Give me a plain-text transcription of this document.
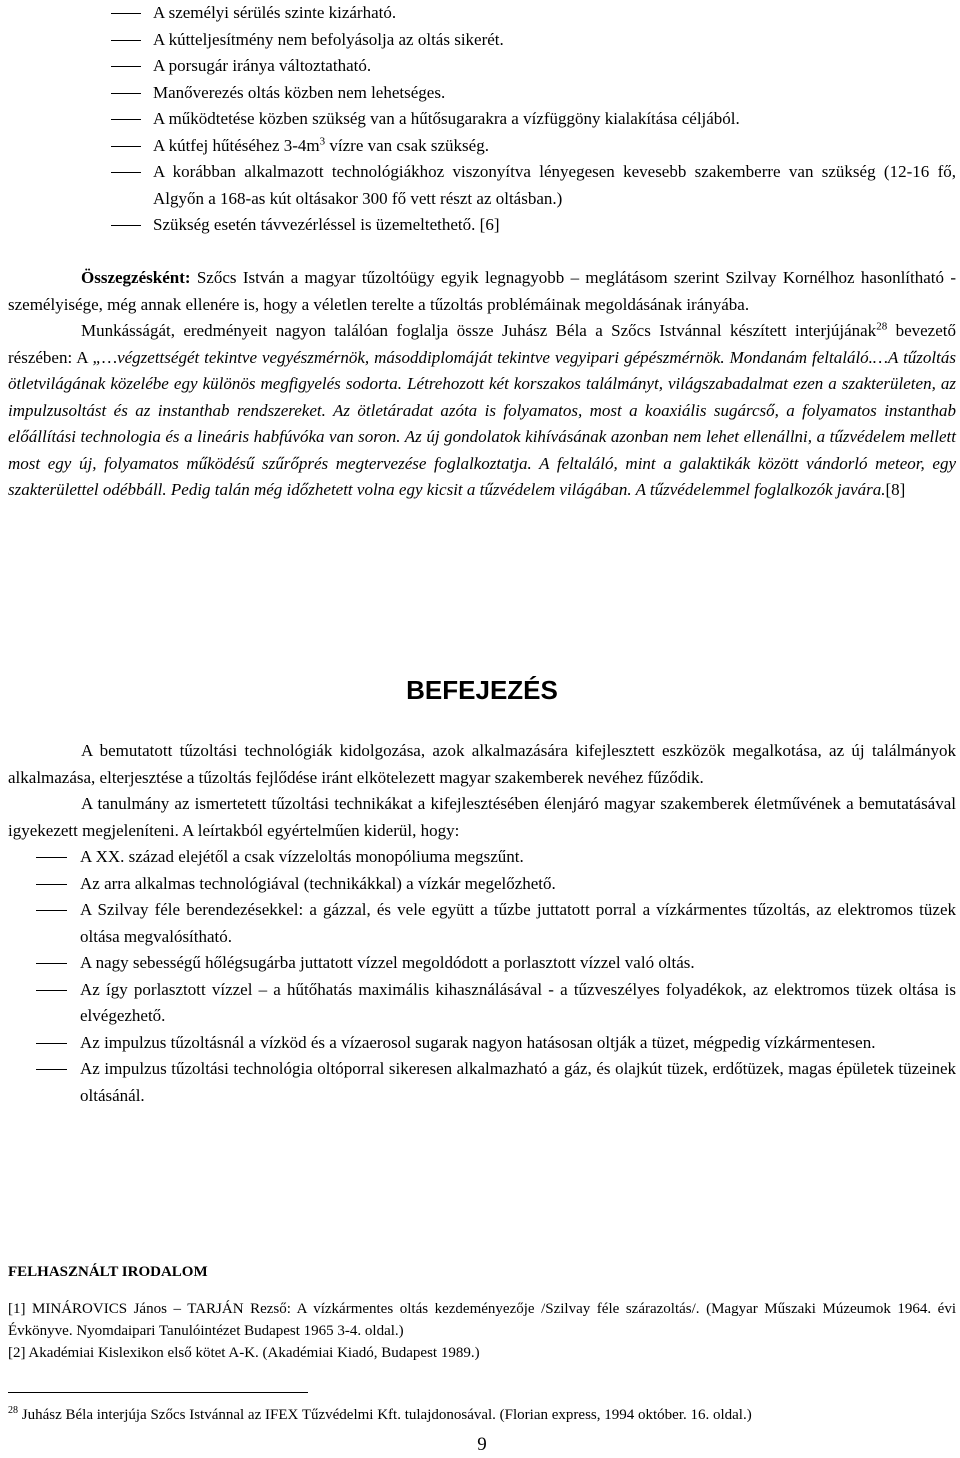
A személyi sérülés szinte kizárható.
A kútteljesítmény nem befolyásolja az oltás sikerét.
A porsugár iránya változtatható.
Manőverezés oltás közben nem lehetséges.
A működtetése közben szükség van a hűtősugarakra a vízfüggöny kialakítása céljából.
A kútfej hűtéséhez $3-4m^3$ vízre van csak szükség.
A korábban alkalmazott technológiákhoz viszonyítva lényegesen kevesebb szakemberre van szükség (12-16 fő, Algyőn a 168-as kút oltásakor 300 fő vett részt az oltásban.)
Szükség esetén távvezérléssel is üzemeltethető. [6]

Összegzésként: Szőcs István a magyar tűzoltóügy egyik legnagyobb – meglátásom szerint Szilvay Kornélhoz hasonlítható - személyisége, még annak ellenére is, hogy a véletlen terelte a tűzoltás problémáinak megoldásának irányába.

Munkásságát, eredményeit nagyon találóan foglalja össze Juhász Béla a Szőcs Istvánnal készített interjújának$^{28}$ bevezető részében: A „…végzettségét tekintve vegyészmérnök, másoddiplomáját tekintve vegyipari gépészmérnök. Mondanám feltaláló.…A tűzoltás ötletvilágának közelébe egy különös megfigyelés sodorta. Létrehozott két korszakos találmányt, világszabadalmat ezen a szakterületen, az impulzusoltást és az instanthab rendszereket. Az ötletáradat azóta is folyamatos, most a koaxiális sugárcső, a folyamatos instanthab előállítási technologia és a lineáris habfúvóka van soron. Az új gondolatok kihívásának azonban nem lehet ellenállni, a tűzvédelem mellett most egy új, folyamatos működésű szűrőprés megtervezése foglalkoztatja. A feltaláló, mint a galaktikák között vándorló meteor, egy szakterülettel odébbáll. Pedig talán még időzhetett volna egy kicsit a tűzvédelem világában. A tűzvédelemmel foglalkozók javára.[8]

BEFEJEZÉS

A bemutatott tűzoltási technológiák kidolgozása, azok alkalmazására kifejlesztett eszközök megalkotása, az új találmányok alkalmazása, elterjesztése a tűzoltás fejlődése iránt elkötelezett magyar szakemberek nevéhez fűződik.

A tanulmány az ismertetett tűzoltási technikákat a kifejlesztésében élenjáró magyar szakemberek életművének a bemutatásával igyekezett megjeleníteni. A leírtakból egyértelműen kiderül, hogy:

A XX. század elejétől a csak vízzeloltás monopóliuma megszűnt.
Az arra alkalmas technológiával (technikákkal) a vízkár megelőzhető.
A Szilvay féle berendezésekkel: a gázzal, és vele együtt a tűzbe juttatott porral a vízkármentes tűzoltás, az elektromos tüzek oltása megvalósítható.
A nagy sebességű hőlégsugárba juttatott vízzel megoldódott a porlasztott vízzel való oltás.
Az így porlasztott vízzel – a hűtőhatás maximális kihasználásával - a tűzveszélyes folyadékok, az elektromos tüzek oltása is elvégezhető.
Az impulzus tűzoltásnál a vízköd és a vízaerosol sugarak nagyon hatásosan oltják a tüzet, mégpedig vízkármentesen.
Az impulzus tűzoltási technológia oltóporral sikeresen alkalmazható a gáz, és olajkút tüzek, erdőtüzek, magas épületek tüzeinek oltásánál.
FELHASZNÁLT IRODALOM

[1] MINÁROVICS János – TARJÁN Rezső: A vízkármentes oltás kezdeményezője /Szilvay féle szárazoltás/. (Magyar Műszaki Múzeumok 1964. évi Évkönyve. Nyomdaipari Tanulóintézet Budapest 1965 3-4. oldal.)

[2] Akadémiai Kislexikon első kötet A-K. (Akadémiai Kiadó, Budapest 1989.)

$^{28}$ Juhász Béla interjúja Szőcs Istvánnal az IFEX Tűzvédelmi Kft. tulajdonosával. (Florian express, 1994 október. 16. oldal.)
9
